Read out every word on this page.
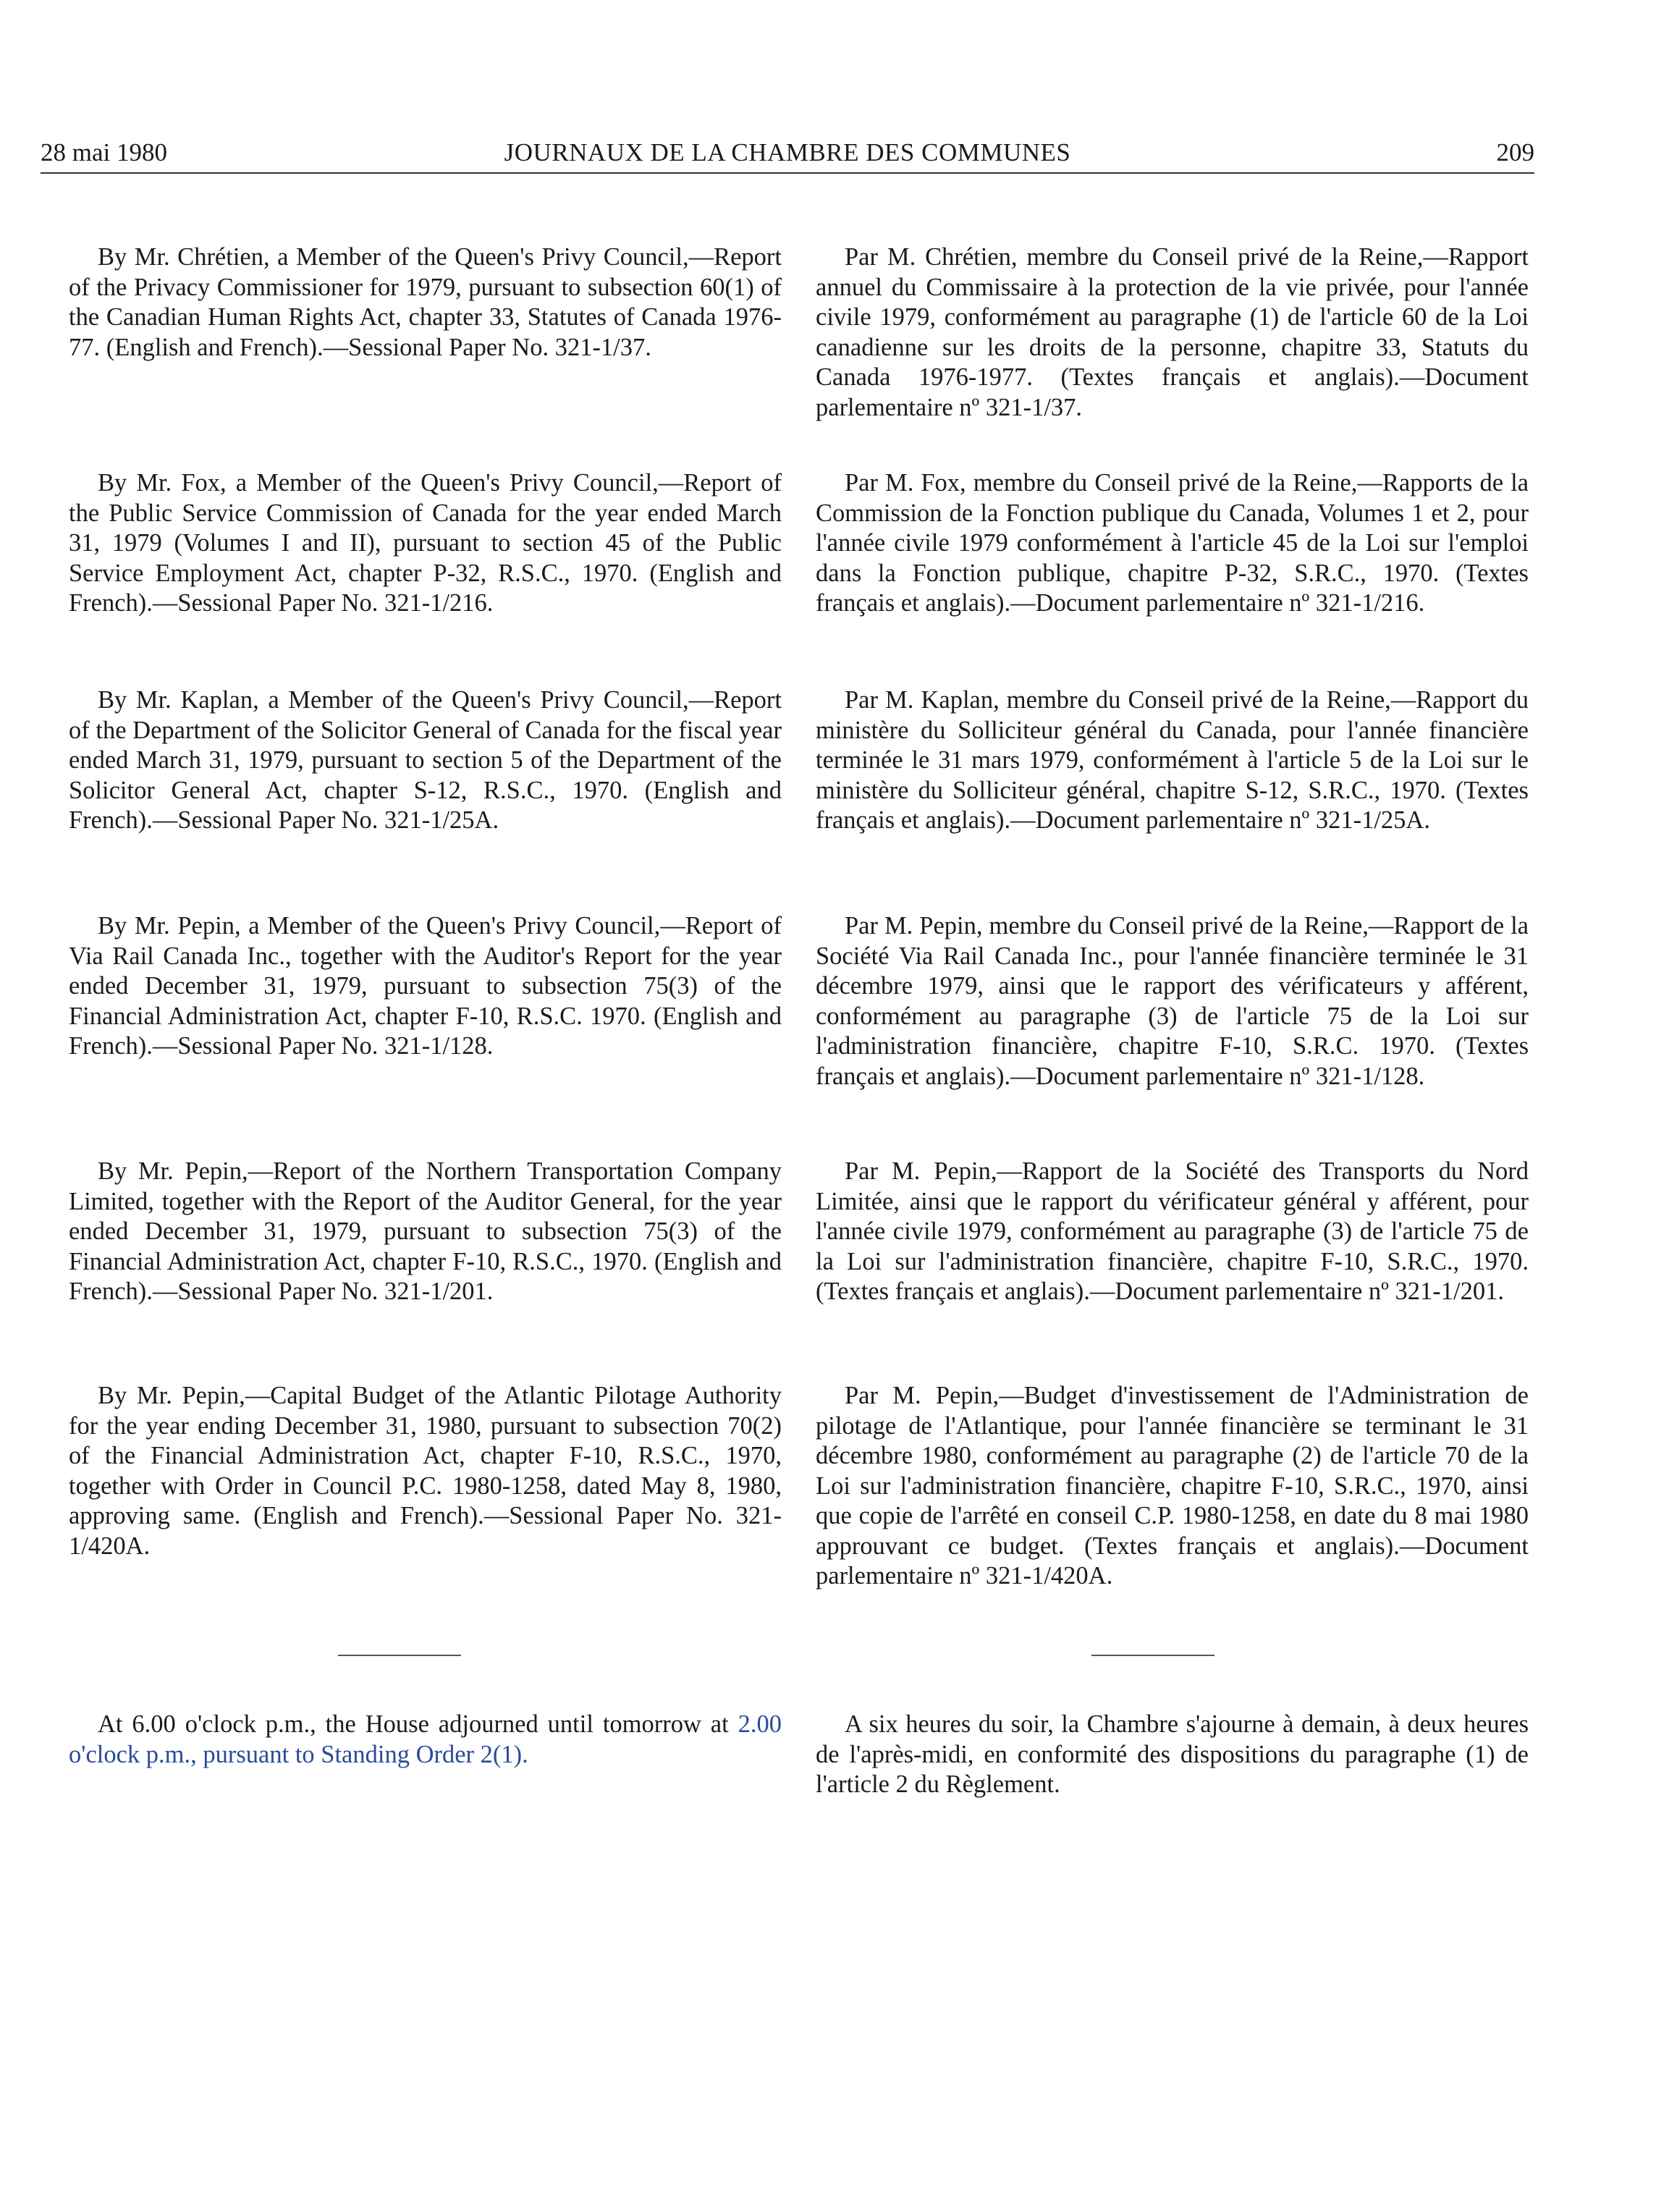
28 mai 1980	JOURNAUX DE LA CHAMBRE DES COMMUNES	209

By Mr. Chrétien, a Member of the Queen's Privy Council,—Report of the Privacy Commissioner for 1979, pursuant to subsection 60(1) of the Canadian Human Rights Act, chapter 33, Statutes of Canada 1976-77. (English and French).—Sessional Paper No. 321-1/37.

By Mr. Fox, a Member of the Queen's Privy Council,—Report of the Public Service Commission of Canada for the year ended March 31, 1979 (Volumes I and II), pursuant to section 45 of the Public Service Employment Act, chapter P-32, R.S.C., 1970. (English and French).—Sessional Paper No. 321-1/216.

By Mr. Kaplan, a Member of the Queen's Privy Council,—Report of the Department of the Solicitor General of Canada for the fiscal year ended March 31, 1979, pursuant to section 5 of the Department of the Solicitor General Act, chapter S-12, R.S.C., 1970. (English and French).—Sessional Paper No. 321-1/25A.

By Mr. Pepin, a Member of the Queen's Privy Council,—Report of Via Rail Canada Inc., together with the Auditor's Report for the year ended December 31, 1979, pursuant to subsection 75(3) of the Financial Administration Act, chapter F-10, R.S.C. 1970. (English and French).—Sessional Paper No. 321-1/128.

By Mr. Pepin,—Report of the Northern Transportation Company Limited, together with the Report of the Auditor General, for the year ended December 31, 1979, pursuant to subsection 75(3) of the Financial Administration Act, chapter F-10, R.S.C., 1970. (English and French).—Sessional Paper No. 321-1/201.

By Mr. Pepin,—Capital Budget of the Atlantic Pilotage Authority for the year ending December 31, 1980, pursuant to subsection 70(2) of the Financial Administration Act, chapter F-10, R.S.C., 1970, together with Order in Council P.C. 1980-1258, dated May 8, 1980, approving same. (English and French).—Sessional Paper No. 321-1/420A.

At 6.00 o'clock p.m., the House adjourned until tomorrow at 2.00 o'clock p.m., pursuant to Standing Order 2(1).

Par M. Chrétien, membre du Conseil privé de la Reine,—Rapport annuel du Commissaire à la protection de la vie privée, pour l'année civile 1979, conformément au paragraphe (1) de l'article 60 de la Loi canadienne sur les droits de la personne, chapitre 33, Statuts du Canada 1976-1977. (Textes français et anglais).—Document parlementaire nº 321-1/37.

Par M. Fox, membre du Conseil privé de la Reine,—Rapports de la Commission de la Fonction publique du Canada, Volumes 1 et 2, pour l'année civile 1979 conformément à l'article 45 de la Loi sur l'emploi dans la Fonction publique, chapitre P-32, S.R.C., 1970. (Textes français et anglais).—Document parlementaire nº 321-1/216.

Par M. Kaplan, membre du Conseil privé de la Reine,—Rapport du ministère du Solliciteur général du Canada, pour l'année financière terminée le 31 mars 1979, conformément à l'article 5 de la Loi sur le ministère du Solliciteur général, chapitre S-12, S.R.C., 1970. (Textes français et anglais).—Document parlementaire nº 321-1/25A.

Par M. Pepin, membre du Conseil privé de la Reine,—Rapport de la Société Via Rail Canada Inc., pour l'année financière terminée le 31 décembre 1979, ainsi que le rapport des vérificateurs y afférent, conformément au paragraphe (3) de l'article 75 de la Loi sur l'administration financière, chapitre F-10, S.R.C. 1970. (Textes français et anglais).—Document parlementaire nº 321-1/128.

Par M. Pepin,—Rapport de la Société des Transports du Nord Limitée, ainsi que le rapport du vérificateur général y afférent, pour l'année civile 1979, conformément au paragraphe (3) de l'article 75 de la Loi sur l'administration financière, chapitre F-10, S.R.C., 1970. (Textes français et anglais).—Document parlementaire nº 321-1/201.

Par M. Pepin,—Budget d'investissement de l'Administration de pilotage de l'Atlantique, pour l'année financière se terminant le 31 décembre 1980, conformément au paragraphe (2) de l'article 70 de la Loi sur l'administration financière, chapitre F-10, S.R.C., 1970, ainsi que copie de l'arrêté en conseil C.P. 1980-1258, en date du 8 mai 1980 approuvant ce budget. (Textes français et anglais).—Document parlementaire nº 321-1/420A.

A six heures du soir, la Chambre s'ajourne à demain, à deux heures de l'après-midi, en conformité des dispositions du paragraphe (1) de l'article 2 du Règlement.
